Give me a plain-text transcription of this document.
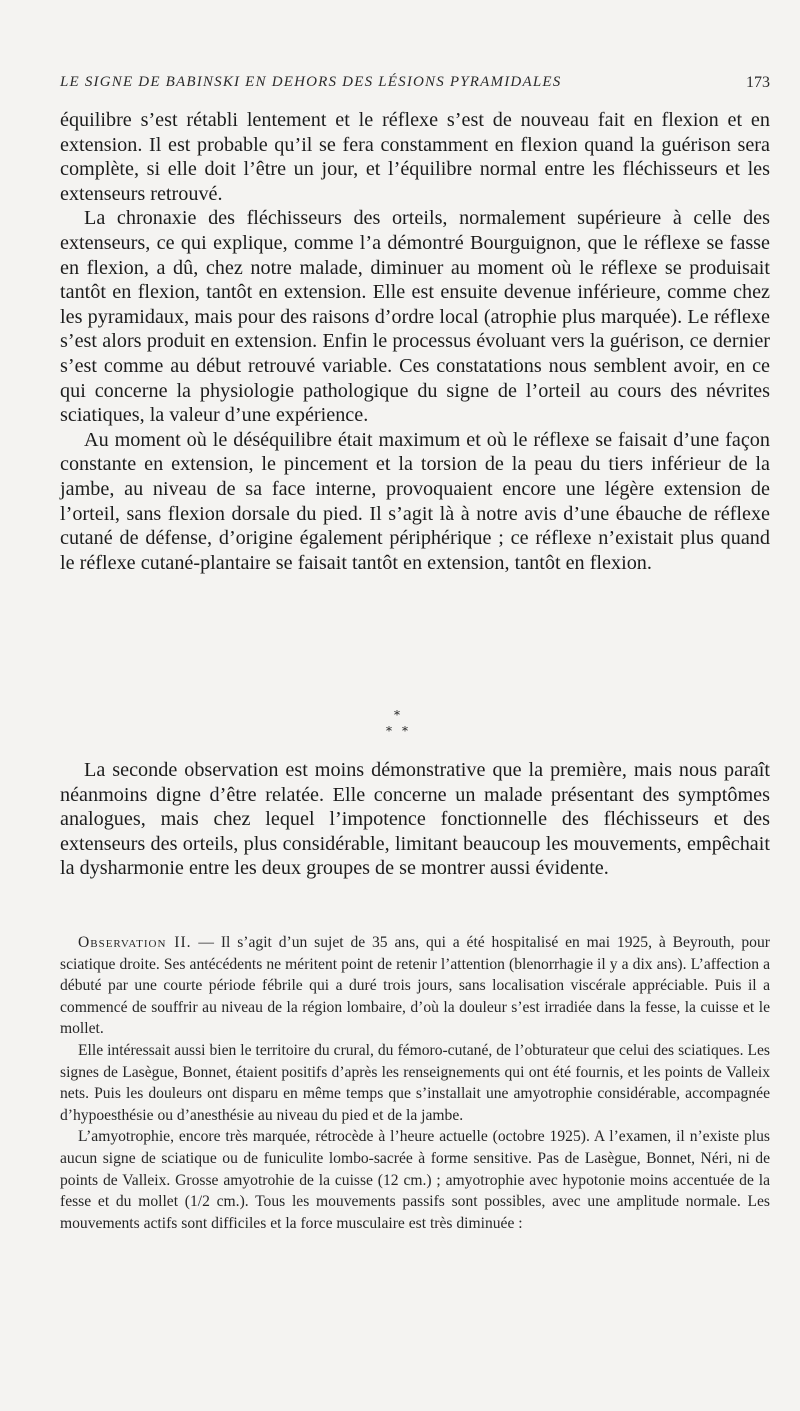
LE SIGNE DE BABINSKI EN DEHORS DES LÉSIONS PYRAMIDALES	173

équilibre s’est rétabli lentement et le réflexe s’est de nouveau fait en flexion et en extension. Il est probable qu’il se fera constamment en flexion quand la guérison sera complète, si elle doit l’être un jour, et l’équilibre normal entre les fléchisseurs et les extenseurs retrouvé.

La chronaxie des fléchisseurs des orteils, normalement supérieure à celle des extenseurs, ce qui explique, comme l’a démontré Bourguignon, que le réflexe se fasse en flexion, a dû, chez notre malade, diminuer au moment où le réflexe se produisait tantôt en flexion, tantôt en extension. Elle est ensuite devenue inférieure, comme chez les pyramidaux, mais pour des raisons d’ordre local (atrophie plus marquée). Le réflexe s’est alors produit en extension. Enfin le processus évoluant vers la guérison, ce dernier s’est comme au début retrouvé variable. Ces constatations nous semblent avoir, en ce qui concerne la physiologie pathologique du signe de l’orteil au cours des névrites sciatiques, la valeur d’une expérience.

Au moment où le déséquilibre était maximum et où le réflexe se faisait d’une façon constante en extension, le pincement et la torsion de la peau du tiers inférieur de la jambe, au niveau de sa face interne, provoquaient encore une légère extension de l’orteil, sans flexion dorsale du pied. Il s’agit là à notre avis d’une ébauche de réflexe cutané de défense, d’origine également périphérique ; ce réflexe n’existait plus quand le réflexe cutané-plantaire se faisait tantôt en extension, tantôt en flexion.

*
* *

La seconde observation est moins démonstrative que la première, mais nous paraît néanmoins digne d’être relatée. Elle concerne un malade présentant des symptômes analogues, mais chez lequel l’impotence fonctionnelle des fléchisseurs et des extenseurs des orteils, plus considérable, limitant beaucoup les mouvements, empêchait la dysharmonie entre les deux groupes de se montrer aussi évidente.

Observation II. — Il s’agit d’un sujet de 35 ans, qui a été hospitalisé en mai 1925, à Beyrouth, pour sciatique droite. Ses antécédents ne méritent point de retenir l’attention (blenorrhagie il y a dix ans). L’affection a débuté par une courte période fébrile qui a duré trois jours, sans localisation viscérale appréciable. Puis il a commencé de souffrir au niveau de la région lombaire, d’où la douleur s’est irradiée dans la fesse, la cuisse et le mollet.

Elle intéressait aussi bien le territoire du crural, du fémoro-cutané, de l’obturateur que celui des sciatiques. Les signes de Lasègue, Bonnet, étaient positifs d’après les renseignements qui ont été fournis, et les points de Valleix nets. Puis les douleurs ont disparu en même temps que s’installait une amyotrophie considérable, accompagnée d’hypoesthésie ou d’anesthésie au niveau du pied et de la jambe.

L’amyotrophie, encore très marquée, rétrocède à l’heure actuelle (octobre 1925). A l’examen, il n’existe plus aucun signe de sciatique ou de funiculite lombo-sacrée à forme sensitive. Pas de Lasègue, Bonnet, Néri, ni de points de Valleix. Grosse amyotrohie de la cuisse (12 cm.) ; amyotrophie avec hypotonie moins accentuée de la fesse et du mollet (1/2 cm.). Tous les mouvements passifs sont possibles, avec une amplitude normale. Les mouvements actifs sont difficiles et la force musculaire est très diminuée :
